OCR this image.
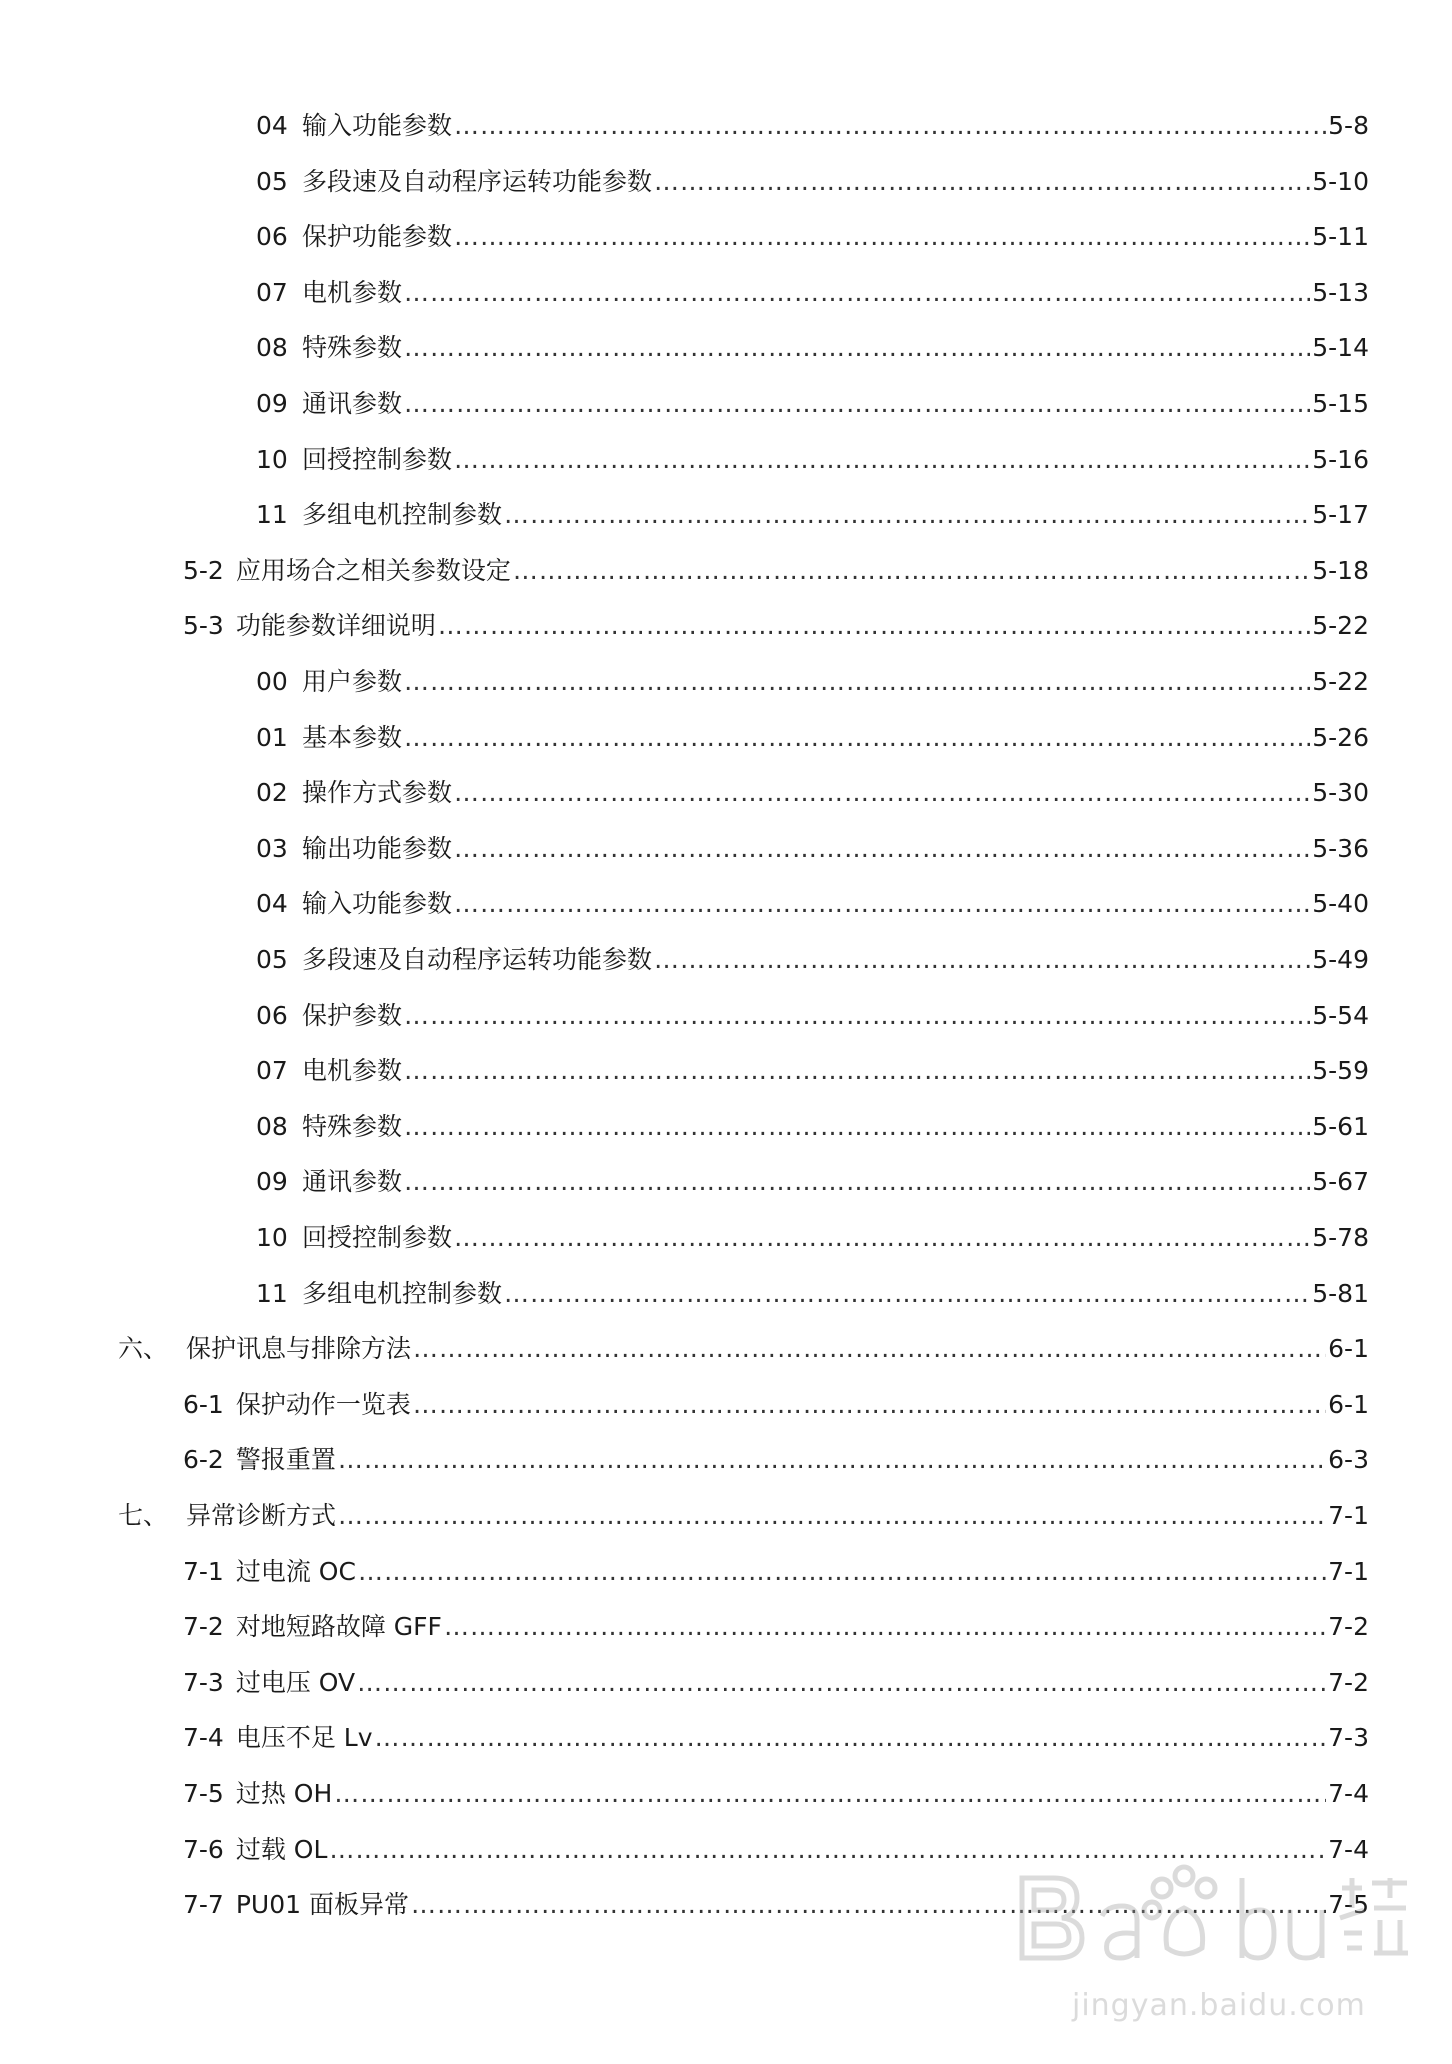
04 输入功能参数 ……………………………………………………………………………………………………………………………………………………………………………………………………………………	5-8
05 多段速及自动程序运转功能参数 ……………………………………………………………………………………………………………………………………………………………………………………………………………………	5-10
06 保护功能参数 ……………………………………………………………………………………………………………………………………………………………………………………………………………………	5-11
07 电机参数 ……………………………………………………………………………………………………………………………………………………………………………………………………………………	5-13
08 特殊参数 ……………………………………………………………………………………………………………………………………………………………………………………………………………………	5-14
09 通讯参数 ……………………………………………………………………………………………………………………………………………………………………………………………………………………	5-15
10 回授控制参数 ……………………………………………………………………………………………………………………………………………………………………………………………………………………	5-16
11 多组电机控制参数 ……………………………………………………………………………………………………………………………………………………………………………………………………………………	5-17
5-2 应用场合之相关参数设定 ……………………………………………………………………………………………………………………………………………………………………………………………………………………	5-18
5-3 功能参数详细说明 ……………………………………………………………………………………………………………………………………………………………………………………………………………………	5-22
00 用户参数 ……………………………………………………………………………………………………………………………………………………………………………………………………………………	5-22
01 基本参数 ……………………………………………………………………………………………………………………………………………………………………………………………………………………	5-26
02 操作方式参数 ……………………………………………………………………………………………………………………………………………………………………………………………………………………	5-30
03 输出功能参数 ……………………………………………………………………………………………………………………………………………………………………………………………………………………	5-36
04 输入功能参数 ……………………………………………………………………………………………………………………………………………………………………………………………………………………	5-40
05 多段速及自动程序运转功能参数 ……………………………………………………………………………………………………………………………………………………………………………………………………………………	5-49
06 保护参数 ……………………………………………………………………………………………………………………………………………………………………………………………………………………	5-54
07 电机参数 ……………………………………………………………………………………………………………………………………………………………………………………………………………………	5-59
08 特殊参数 ……………………………………………………………………………………………………………………………………………………………………………………………………………………	5-61
09 通讯参数 ……………………………………………………………………………………………………………………………………………………………………………………………………………………	5-67
10 回授控制参数 ……………………………………………………………………………………………………………………………………………………………………………………………………………………	5-78
11 多组电机控制参数 ……………………………………………………………………………………………………………………………………………………………………………………………………………………	5-81
六、 保护讯息与排除方法 ……………………………………………………………………………………………………………………………………………………………………………………………………………………	6-1
6-1 保护动作一览表 ……………………………………………………………………………………………………………………………………………………………………………………………………………………	6-1
6-2 警报重置 ……………………………………………………………………………………………………………………………………………………………………………………………………………………	6-3
七、 异常诊断方式 ……………………………………………………………………………………………………………………………………………………………………………………………………………………	7-1
7-1 过电流 OC ……………………………………………………………………………………………………………………………………………………………………………………………………………………	7-1
7-2 对地短路故障 GFF ……………………………………………………………………………………………………………………………………………………………………………………………………………………	7-2
7-3 过电压 OV ……………………………………………………………………………………………………………………………………………………………………………………………………………………	7-2
7-4 电压不足 Lv ……………………………………………………………………………………………………………………………………………………………………………………………………………………	7-3
7-5 过热 OH ……………………………………………………………………………………………………………………………………………………………………………………………………………………	7-4
7-6 过载 OL ……………………………………………………………………………………………………………………………………………………………………………………………………………………	7-4
7-7 PU01 面板异常 ……………………………………………………………………………………………………………………………………………………………………………………………………………………	7-5
jingyan.baidu.com
